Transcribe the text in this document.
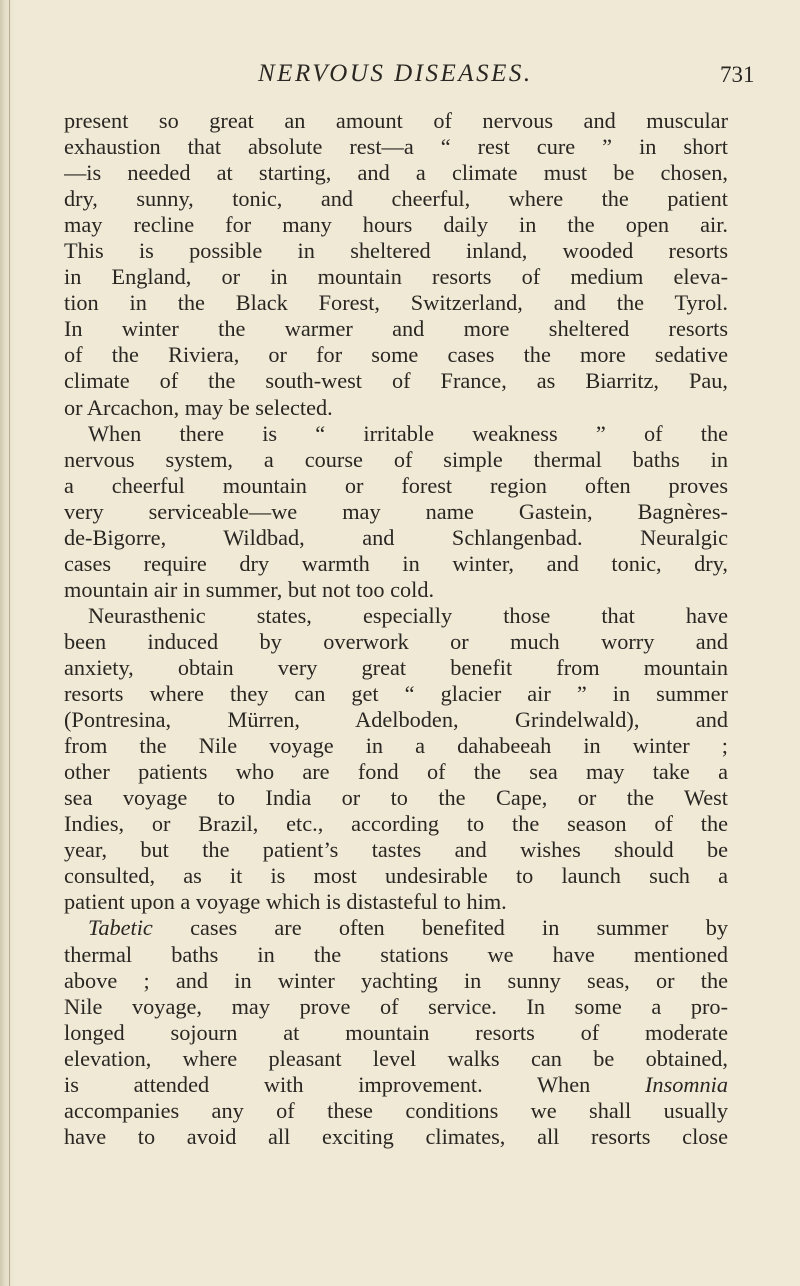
NERVOUS DISEASES.	731
present so great an amount of nervous and muscular
exhaustion that absolute rest—a “ rest cure ” in short
—is needed at starting, and a climate must be chosen,
dry, sunny, tonic, and cheerful, where the patient
may recline for many hours daily in the open air.
This is possible in sheltered inland, wooded resorts
in England, or in mountain resorts of medium eleva-
tion in the Black Forest, Switzerland, and the Tyrol.
In winter the warmer and more sheltered resorts
of the Riviera, or for some cases the more sedative
climate of the south-west of France, as Biarritz, Pau,
or Arcachon, may be selected.
When there is “ irritable weakness ” of the
nervous system, a course of simple thermal baths in
a cheerful mountain or forest region often proves
very serviceable—we may name Gastein, Bagnères-
de-Bigorre, Wildbad, and Schlangenbad. Neuralgic
cases require dry warmth in winter, and tonic, dry,
mountain air in summer, but not too cold.
Neurasthenic states, especially those that have
been induced by overwork or much worry and
anxiety, obtain very great benefit from mountain
resorts where they can get “ glacier air ” in summer
(Pontresina, Mürren, Adelboden, Grindelwald), and
from the Nile voyage in a dahabeeah in winter ;
other patients who are fond of the sea may take a
sea voyage to India or to the Cape, or the West
Indies, or Brazil, etc., according to the season of the
year, but the patient’s tastes and wishes should be
consulted, as it is most undesirable to launch such a
patient upon a voyage which is distasteful to him.
Tabetic cases are often benefited in summer by
thermal baths in the stations we have mentioned
above ; and in winter yachting in sunny seas, or the
Nile voyage, may prove of service. In some a pro-
longed sojourn at mountain resorts of moderate
elevation, where pleasant level walks can be obtained,
is attended with improvement. When Insomnia
accompanies any of these conditions we shall usually
have to avoid all exciting climates, all resorts close
